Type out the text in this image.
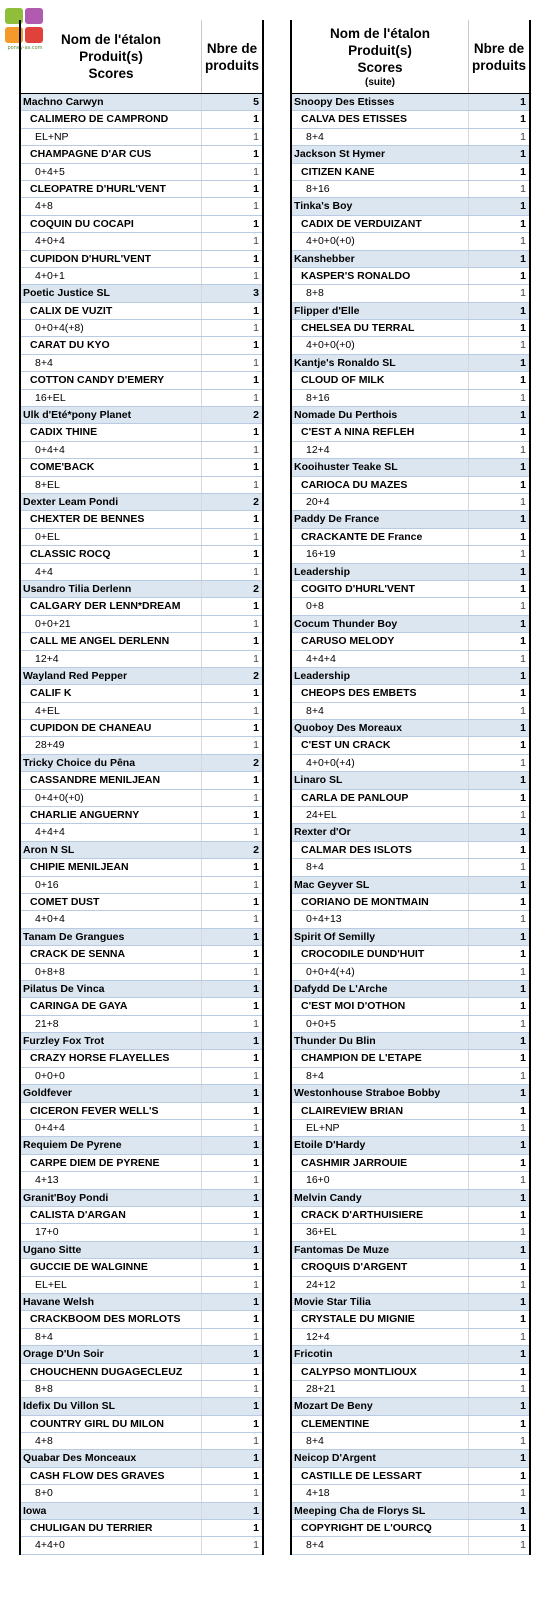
poney-as.com
Nom de l'étalon
Produit(s)
Scores
Nbre de
produits
Machno Carwyn	5
CALIMERO DE CAMPROND	1
EL+NP	1
CHAMPAGNE D'AR CUS	1
0+4+5	1
CLEOPATRE D'HURL'VENT	1
4+8	1
COQUIN DU COCAPI	1
4+0+4	1
CUPIDON D'HURL'VENT	1
4+0+1	1
Poetic Justice SL	3
CALIX DE VUZIT	1
0+0+4(+8)	1
CARAT DU KYO	1
8+4	1
COTTON CANDY D'EMERY	1
16+EL	1
Ulk d'Eté*pony Planet	2
CADIX THINE	1
0+4+4	1
COME'BACK	1
8+EL	1
Dexter Leam Pondi	2
CHEXTER DE BENNES	1
0+EL	1
CLASSIC ROCQ	1
4+4	1
Usandro Tilia Derlenn	2
CALGARY DER LENN*DREAM	1
0+0+21	1
CALL ME ANGEL DERLENN	1
12+4	1
Wayland Red Pepper	2
CALIF K	1
4+EL	1
CUPIDON DE CHANEAU	1
28+49	1
Tricky Choice du Pêna	2
CASSANDRE MENILJEAN	1
0+4+0(+0)	1
CHARLIE ANGUERNY	1
4+4+4	1
Aron N SL	2
CHIPIE MENILJEAN	1
0+16	1
COMET DUST	1
4+0+4	1
Tanam De Grangues	1
CRACK DE SENNA	1
0+8+8	1
Pilatus De Vinca	1
CARINGA DE GAYA	1
21+8	1
Furzley Fox Trot	1
CRAZY HORSE FLAYELLES	1
0+0+0	1
Goldfever	1
CICERON FEVER WELL'S	1
0+4+4	1
Requiem De Pyrene	1
CARPE DIEM DE PYRENE	1
4+13	1
Granit'Boy Pondi	1
CALISTA D'ARGAN	1
17+0	1
Ugano Sitte	1
GUCCIE DE WALGINNE	1
EL+EL	1
Havane Welsh	1
CRACKBOOM DES MORLOTS	1
8+4	1
Orage D'Un Soir	1
CHOUCHENN DUGAGECLEUZ	1
8+8	1
Idefix Du Villon SL	1
COUNTRY GIRL DU MILON	1
4+8	1
Quabar Des Monceaux	1
CASH FLOW DES GRAVES	1
8+0	1
Iowa	1
CHULIGAN DU TERRIER	1
4+4+0	1
Nom de l'étalon
Produit(s)
Scores
(suite)
Nbre de
produits
Snoopy Des Etisses	1
CALVA DES ETISSES	1
8+4	1
Jackson St Hymer	1
CITIZEN KANE	1
8+16	1
Tinka's Boy	1
CADIX DE VERDUIZANT	1
4+0+0(+0)	1
Kanshebber	1
KASPER'S RONALDO	1
8+8	1
Flipper d'Elle	1
CHELSEA DU TERRAL	1
4+0+0(+0)	1
Kantje's Ronaldo SL	1
CLOUD OF MILK	1
8+16	1
Nomade Du Perthois	1
C'EST A NINA REFLEH	1
12+4	1
Kooihuster Teake SL	1
CARIOCA DU MAZES	1
20+4	1
Paddy De France	1
CRACKANTE DE France	1
16+19	1
Leadership	1
COGITO D'HURL'VENT	1
0+8	1
Cocum Thunder Boy	1
CARUSO MELODY	1
4+4+4	1
Leadership	1
CHEOPS DES EMBETS	1
8+4	1
Quoboy Des Moreaux	1
C'EST UN CRACK	1
4+0+0(+4)	1
Linaro SL	1
CARLA DE PANLOUP	1
24+EL	1
Rexter d'Or	1
CALMAR DES ISLOTS	1
8+4	1
Mac Geyver SL	1
CORIANO DE MONTMAIN	1
0+4+13	1
Spirit Of Semilly	1
CROCODILE DUND'HUIT	1
0+0+4(+4)	1
Dafydd De L'Arche	1
C'EST MOI D'OTHON	1
0+0+5	1
Thunder Du Blin	1
CHAMPION DE L'ETAPE	1
8+4	1
Westonhouse Straboe Bobby	1
CLAIREVIEW BRIAN	1
EL+NP	1
Etoile D'Hardy	1
CASHMIR JARROUIE	1
16+0	1
Melvin Candy	1
CRACK D'ARTHUISIERE	1
36+EL	1
Fantomas De Muze	1
CROQUIS D'ARGENT	1
24+12	1
Movie Star Tilia	1
CRYSTALE DU MIGNIE	1
12+4	1
Fricotin	1
CALYPSO MONTLIOUX	1
28+21	1
Mozart De Beny	1
CLEMENTINE	1
8+4	1
Neicop D'Argent	1
CASTILLE DE LESSART	1
4+18	1
Meeping Cha de Florys SL	1
COPYRIGHT DE L'OURCQ	1
8+4	1
